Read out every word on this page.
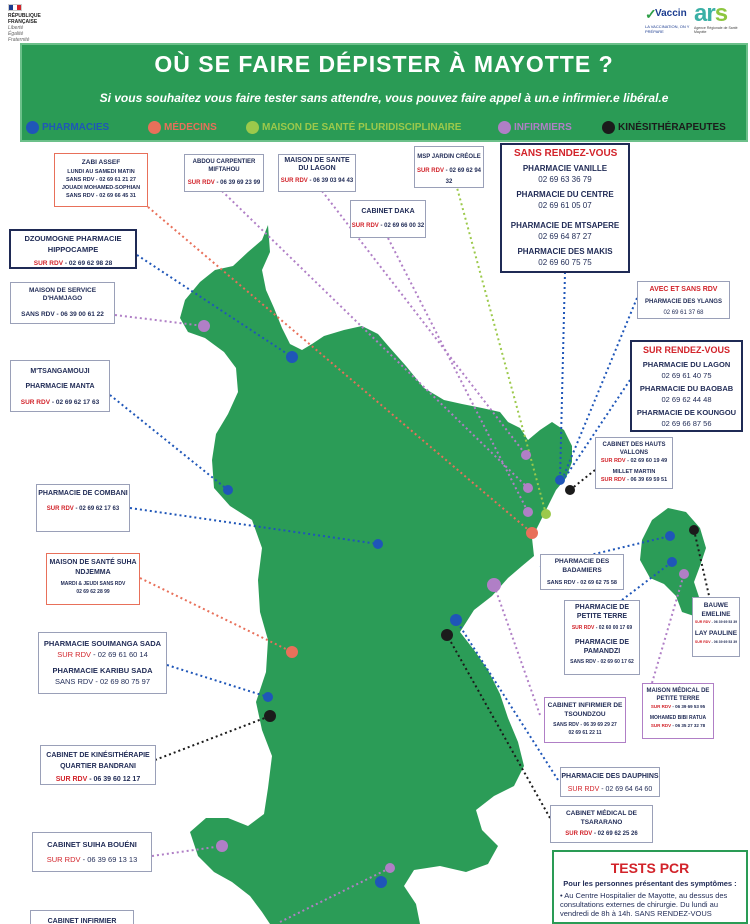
RÉPUBLIQUE
FRANÇAISE
Liberté
Égalité
Fraternité
✓
Vaccin
LA VACCINATION, ON Y PRÉPARE
ars
Agence Régionale de Santé Mayotte
OÙ SE FAIRE DÉPISTER À MAYOTTE ?
Si vous souhaitez vous faire tester sans attendre, vous pouvez faire appel à un.e infirmier.e libéral.e
PHARMACIES	MÉDECINS	MAISON DE SANTÉ PLURIDISCIPLINAIRE	INFIRMIERS	KINÉSITHÉRAPEUTES
ZABI ASSEF
LUNDI AU SAMEDI MATIN
SANS RDV - 02 69 61 21 27
JOUADI MOHAMED-SOPHIAN
SANS RDV - 02 69 66 45 31
ABDOU CARPENTIER MIFTAHOU
SUR RDV - 06 39 69 23 99
MAISON DE SANTE DU LAGON
SUR RDV - 06 39 03 94 43
CABINET DAKA
SUR RDV - 02 69 66 00 32
MSP JARDIN CRÉOLE
SUR RDV - 02 69 62 94 32
SANS RENDEZ-VOUS
PHARMACIE VANILLE
02 69 63 36 79
PHARMACIE DU CENTRE
02 69 61 05 07
PHARMACIE DE MTSAPERE
02 69 64 87 27
PHARMACIE DES MAKIS
02 69 60 75 75
DZOUMOGNE PHARMACIE HIPPOCAMPE
SUR RDV - 02 69 62 98 28
MAISON DE SERVICE D'HAMJAGO
SANS RDV - 06 39 00 61 22
AVEC ET SANS RDV
PHARMACIE DES YLANGS
02 69 61 37 68
M'TSANGAMOUJI
PHARMACIE MANTA
SUR RDV - 02 69 62 17 63
SUR RENDEZ-VOUS
PHARMACIE DU LAGON
02 69 61 40 75
PHARMACIE DU BAOBAB
02 69 62 44 48
PHARMACIE DE KOUNGOU
02 69 66 87 56
CABINET DES HAUTS VALLONS
SUR RDV - 02 69 60 19 49
MILLET MARTIN
SUR RDV - 06 39 69 59 51
PHARMACIE DE COMBANI
SUR RDV - 02 69 62 17 63
MAISON DE SANTÉ SUHA NDJEMMA
MARDI & JEUDI SANS RDV
02 69 62 28 99
PHARMACIE DES BADAMIERS
SANS RDV - 02 69 62 75 58
BAUWE EMELINE
SUR RDV - 06 39 69 53 39
LAY PAULINE
SUR RDV - 06 39 69 53 39
PHARMACIE DE PETITE TERRE
SUR RDV - 02 60 00 17 69
PHARMACIE DE PAMANDZI
SANS RDV - 02 69 60 17 62
PHARMACIE SOUIMANGA SADA
SUR RDV - 02 69 61 60 14
PHARMACIE KARIBU SADA
SANS RDV - 02 69 80 75 97
MAISON MÉDICAL DE PETITE TERRE
SUR RDV - 06 39 69 53 95
MOHAMED BIBI RATUA
SUR RDV - 06 35 27 32 78
CABINET INFIRMIER DE TSOUNDZOU
SANS RDV - 06 39 69 29 27
02 69 61 22 11
CABINET DE KINÉSITHÉRAPIE QUARTIER BANDRANI
SUR RDV - 06 39 60 12 17	PHARMACIE DES DAUPHINS
SUR RDV - 02 69 64 64 60
CABINET MÉDICAL DE TSARARANO
SUR RDV - 02 69 62 25 26
CABINET SUIHA BOUÉNI
SUR RDV - 06 39 69 13 13
CABINET INFIRMIER
TESTS PCR

Pour les personnes présentant des symptômes :

• Au Centre Hospitalier de Mayotte, au dessus des consultations externes de chirurgie. Du lundi au vendredi de 8h à 14h. SANS RENDEZ-VOUS
